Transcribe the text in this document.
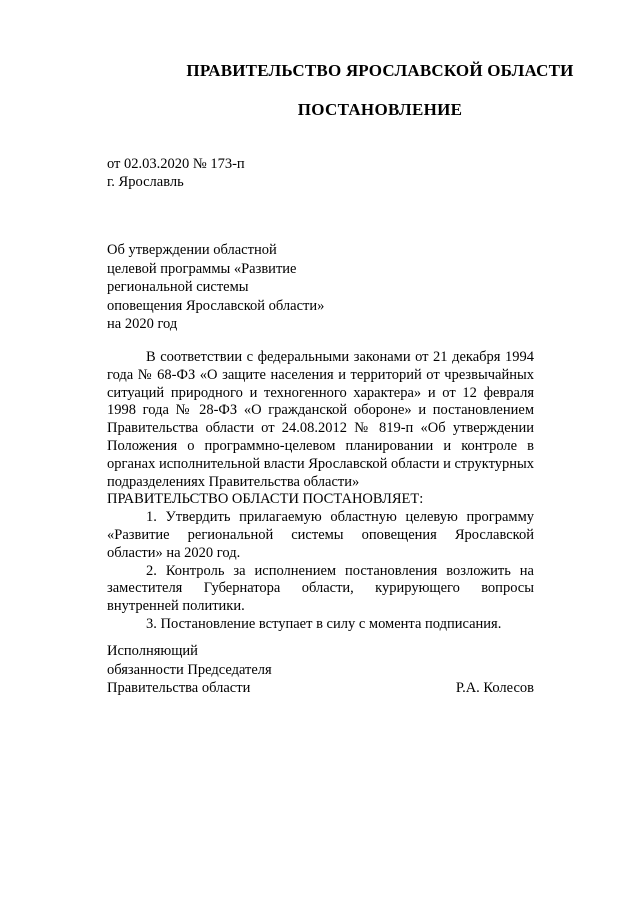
ПРАВИТЕЛЬСТВО ЯРОСЛАВСКОЙ ОБЛАСТИ
ПОСТАНОВЛЕНИЕ
от 02.03.2020 № 173-п
г. Ярославль
Об утверждении областной
целевой программы «Развитие
региональной системы
оповещения Ярославской области»
на 2020 год

В соответствии с федеральными законами от 21 декабря 1994 года № 68-ФЗ «О защите населения и территорий от чрезвычайных ситуаций природного и техногенного характера» и от 12 февраля 1998 года № 28-ФЗ «О гражданской обороне» и постановлением Правительства области от 24.08.2012 № 819-п «Об утверждении Положения о программно-целевом планировании и контроле в органах исполнительной власти Ярославской области и структурных подразделениях Правительства области»

ПРАВИТЕЛЬСТВО ОБЛАСТИ ПОСТАНОВЛЯЕТ:

1. Утвердить прилагаемую областную целевую программу «Развитие региональной системы оповещения Ярославской области» на 2020 год.

2. Контроль за исполнением постановления возложить на заместителя Губернатора области, курирующего вопросы внутренней политики.

3. Постановление вступает в силу с момента подписания.

Исполняющий
обязанности Председателя
Правительства области	Р.А. Колесов
